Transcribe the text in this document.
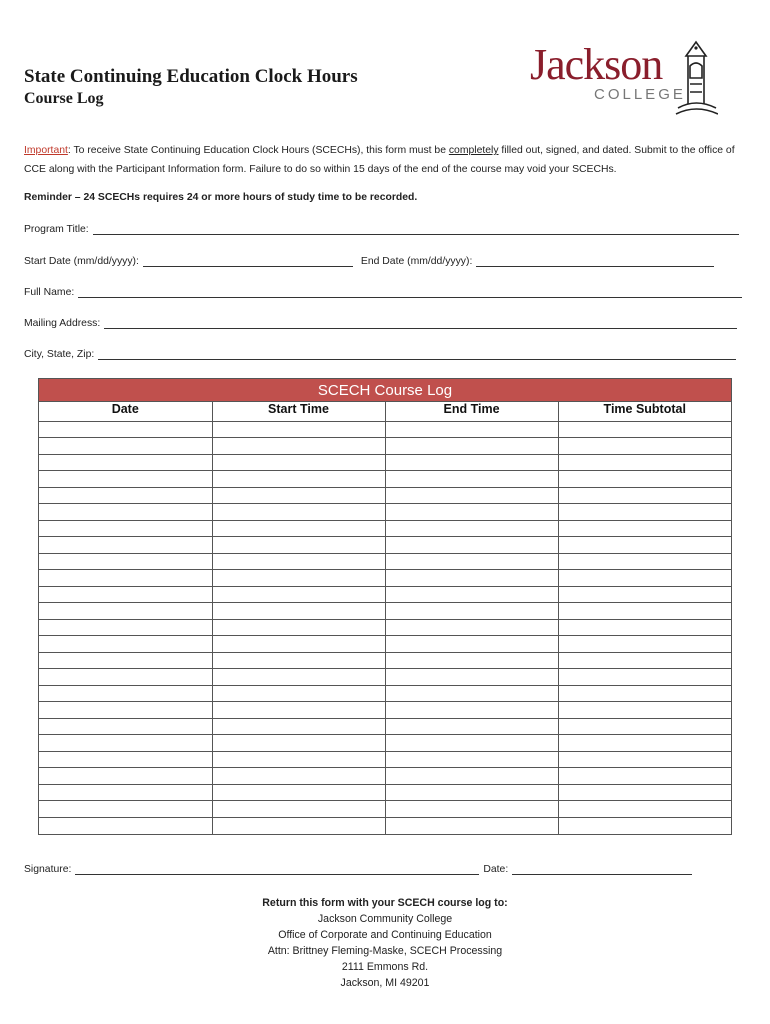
State Continuing Education Clock Hours
Course Log
Jackson
COLLEGE
Important: To receive State Continuing Education Clock Hours (SCECHs), this form must be completely filled out, signed, and dated. Submit to the office of CCE along with the Participant Information form. Failure to do so within 15 days of the end of the course may void your SCECHs.
Reminder – 24 SCECHs requires 24 or more hours of study time to be recorded.
Program Title:
Start Date (mm/dd/yyyy):	End Date (mm/dd/yyyy):
Full Name:
Mailing Address:
City, State, Zip:
SCECH Course Log
Date	Start Time	End Time	Time Subtotal

Signature:	Date:
Return this form with your SCECH course log to:
Jackson Community College
Office of Corporate and Continuing Education
Attn: Brittney Fleming-Maske, SCECH Processing
2111 Emmons Rd.
Jackson, MI 49201
